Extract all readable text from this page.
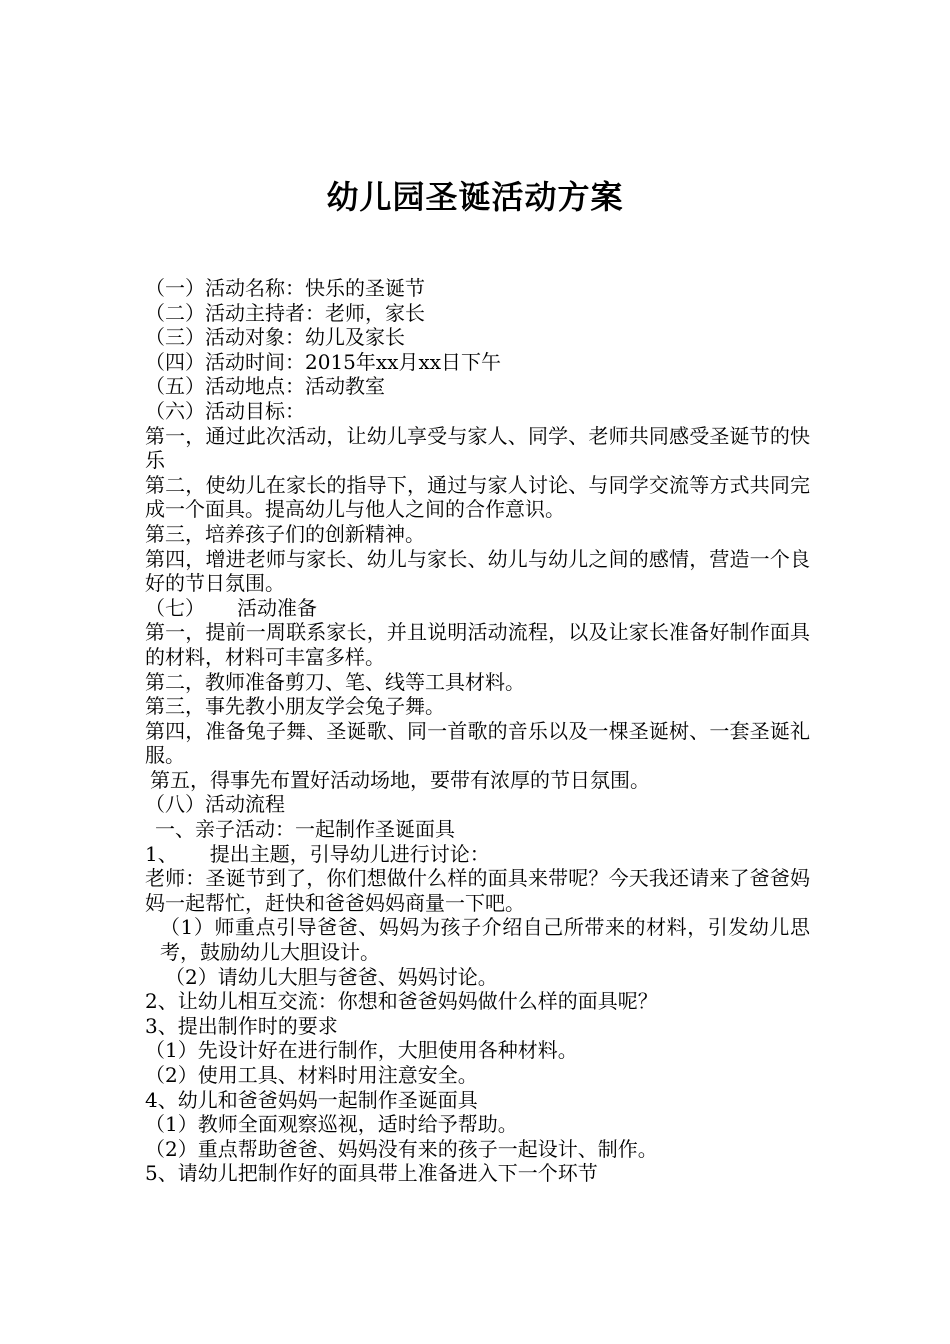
幼儿园圣诞活动方案

（一）活动名称：快乐的圣诞节

（二）活动主持者：老师，家长

（三）活动对象：幼儿及家长

（四）活动时间：2015年xx月xx日下午

（五）活动地点：活动教室

（六）活动目标：

第一，通过此次活动，让幼儿享受与家人、同学、老师共同感受圣诞节的快乐

第二，使幼儿在家长的指导下，通过与家人讨论、与同学交流等方式共同完成一个面具。提高幼儿与他人之间的合作意识。

第三，培养孩子们的创新精神。

第四，增进老师与家长、幼儿与家长、幼儿与幼儿之间的感情，营造一个良好的节日氛围。

（七） 活动准备

第一，提前一周联系家长，并且说明活动流程，以及让家长准备好制作面具的材料，材料可丰富多样。

第二，教师准备剪刀、笔、线等工具材料。

第三，事先教小朋友学会兔子舞。

第四，准备兔子舞、圣诞歌、同一首歌的音乐以及一棵圣诞树、一套圣诞礼服。

第五，得事先布置好活动场地，要带有浓厚的节日氛围。

（八）活动流程

一、亲子活动：一起制作圣诞面具

1、 提出主题，引导幼儿进行讨论：

老师：圣诞节到了，你们想做什么样的面具来带呢？今天我还请来了爸爸妈妈一起帮忙，赶快和爸爸妈妈商量一下吧。

（1）师重点引导爸爸、妈妈为孩子介绍自己所带来的材料，引发幼儿思考，鼓励幼儿大胆设计。

（2）请幼儿大胆与爸爸、妈妈讨论。

2、让幼儿相互交流：你想和爸爸妈妈做什么样的面具呢？

3、提出制作时的要求

（1）先设计好在进行制作，大胆使用各种材料。

（2）使用工具、材料时用注意安全。

4、幼儿和爸爸妈妈一起制作圣诞面具

（1）教师全面观察巡视，适时给予帮助。

（2）重点帮助爸爸、妈妈没有来的孩子一起设计、制作。

5、请幼儿把制作好的面具带上准备进入下一个环节
